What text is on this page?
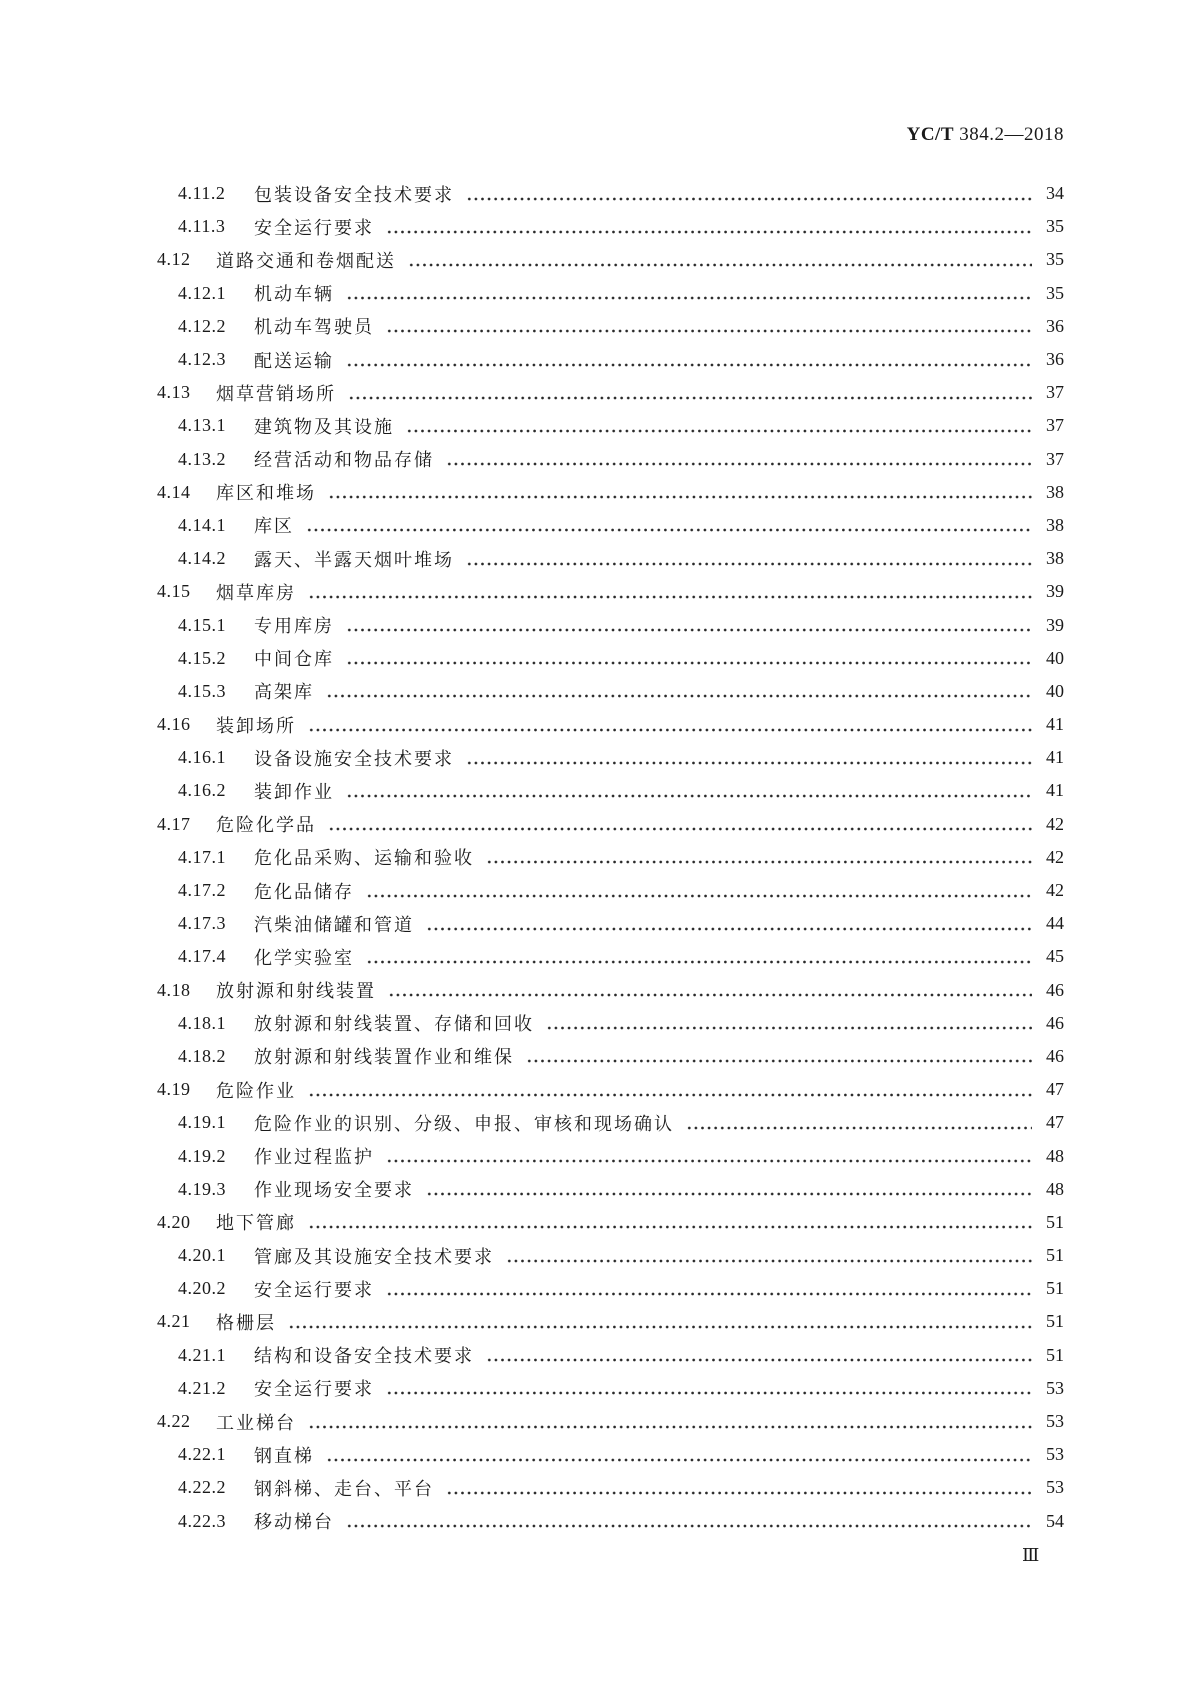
YC/T 384.2—2018
4.11.2	包装设备安全技术要求	34
4.11.3	安全运行要求	35
4.12	道路交通和卷烟配送	35
4.12.1	机动车辆	35
4.12.2	机动车驾驶员	36
4.12.3	配送运输	36
4.13	烟草营销场所	37
4.13.1	建筑物及其设施	37
4.13.2	经营活动和物品存储	37
4.14	库区和堆场	38
4.14.1	库区	38
4.14.2	露天、半露天烟叶堆场	38
4.15	烟草库房	39
4.15.1	专用库房	39
4.15.2	中间仓库	40
4.15.3	高架库	40
4.16	装卸场所	41
4.16.1	设备设施安全技术要求	41
4.16.2	装卸作业	41
4.17	危险化学品	42
4.17.1	危化品采购、运输和验收	42
4.17.2	危化品储存	42
4.17.3	汽柴油储罐和管道	44
4.17.4	化学实验室	45
4.18	放射源和射线装置	46
4.18.1	放射源和射线装置、存储和回收	46
4.18.2	放射源和射线装置作业和维保	46
4.19	危险作业	47
4.19.1	危险作业的识别、分级、申报、审核和现场确认	47
4.19.2	作业过程监护	48
4.19.3	作业现场安全要求	48
4.20	地下管廊	51
4.20.1	管廊及其设施安全技术要求	51
4.20.2	安全运行要求	51
4.21	格栅层	51
4.21.1	结构和设备安全技术要求	51
4.21.2	安全运行要求	53
4.22	工业梯台	53
4.22.1	钢直梯	53
4.22.2	钢斜梯、走台、平台	53
4.22.3	移动梯台	54
Ⅲ
